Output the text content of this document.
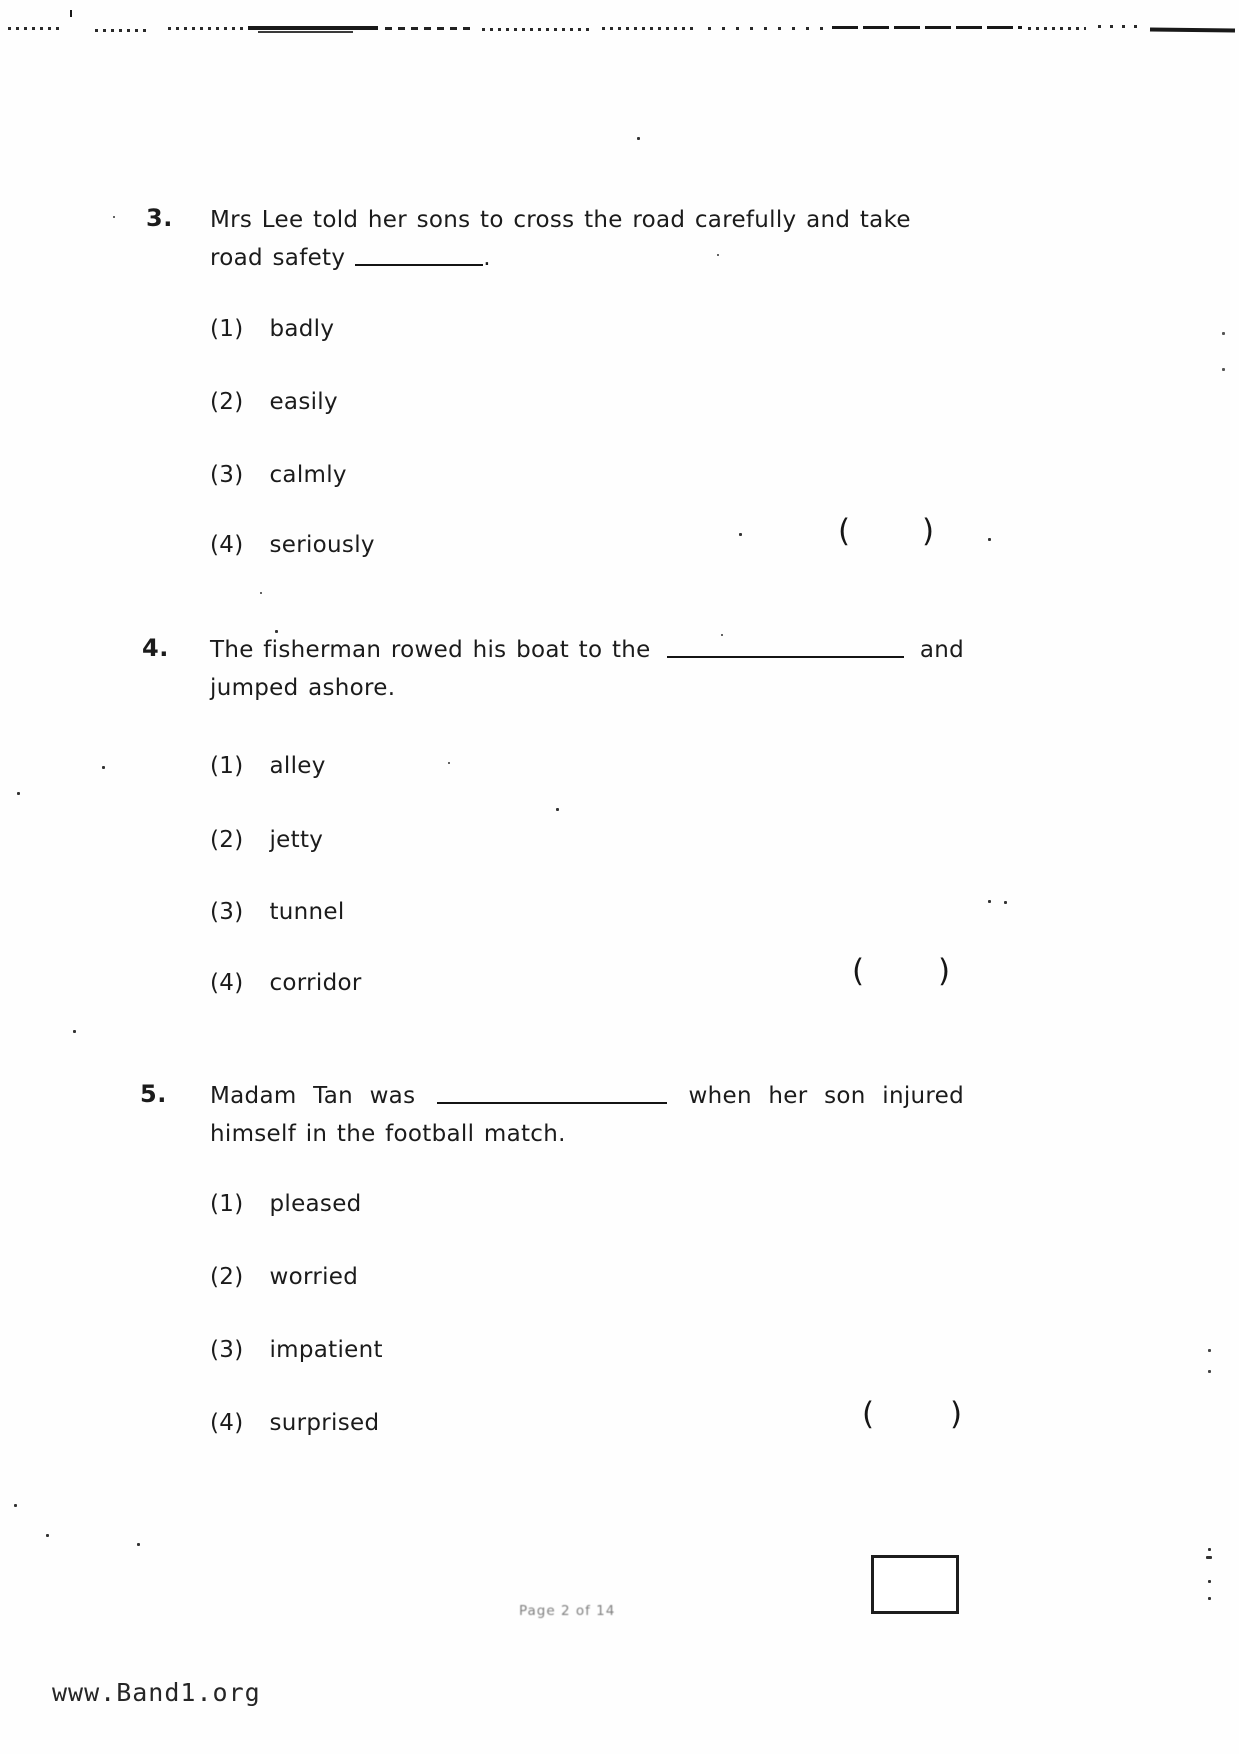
3. Mrs Lee told her sons to cross the road carefully and take
road safety	.
(1) badly
(2) easily
(3) calmly
(4) seriously	( )
4. The fisherman rowed his boat to the	and
jumped ashore.
(1) alley
(2) jetty
(3) tunnel
(4) corridor	( )
5. Madam Tan was	when her son injured
himself in the football match.
(1) pleased
(2) worried
(3) impatient
(4) surprised	( )
Page 2 of 14
www.Band1.org
